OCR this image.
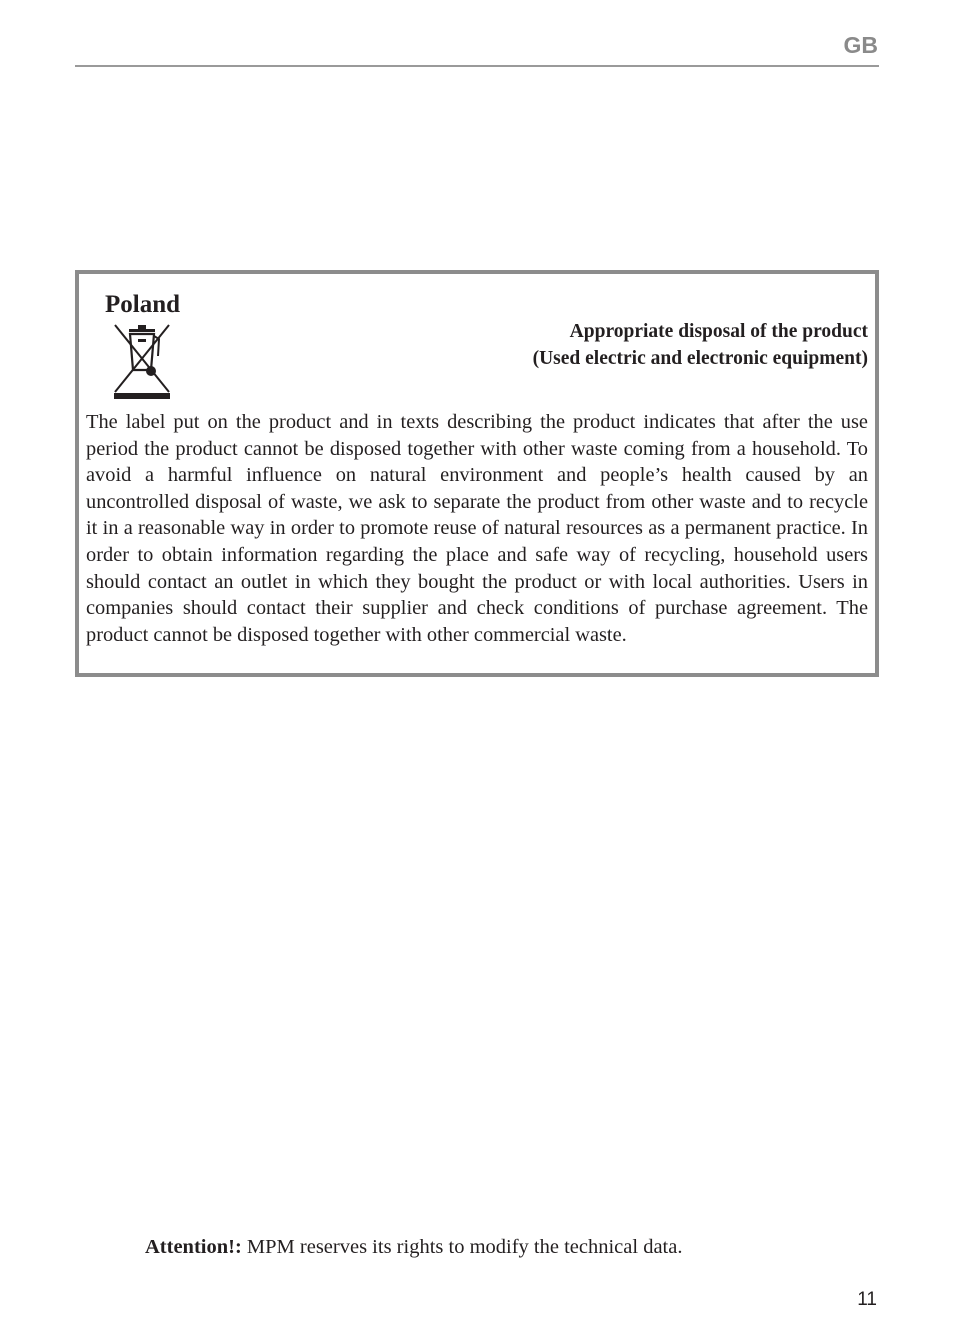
GB
Poland
Appropriate disposal of the product
(Used electric and electronic equipment)

The label put on the product and in texts describing the product indicates that after the use period the product cannot be disposed together with other waste coming from a household. To avoid a harmful influence on natural environment and people’s health caused by an uncontrolled disposal of waste, we ask to separate the product from other waste and to recycle it in a reasonable way in order to promote reuse of natural resources as a permanent practice. In order to obtain information regarding the place and safe way of recycling, household users should contact an outlet in which they bought the product or with local authorities. Users in companies should contact their supplier and check conditions of purchase agreement. The product cannot be disposed together with other commercial waste.

Attention!: MPM reserves its rights to modify the technical data.
11
